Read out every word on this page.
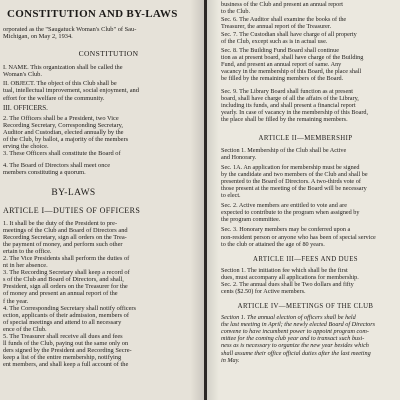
CONSTITUTION AND BY-LAWS

orporated as the "Saugatuck Woman's Club" of Sau-

Michigan, on May 2, 1934.

CONSTITUTION

I. NAME. This organization shall be called the

Woman's Club.

II. OBJECT. The object of this Club shall be

tual, intellectual improvement, social enjoyment, and

effort for the welfare of the community.

III. OFFICERS.

2. The Officers shall be a President, two Vice

Recording Secretary, Corresponding Secretary,

Auditor and Custodian, elected annually by the

of the Club, by ballot, a majority of the members

erving the choice.

3. These Officers shall constitute the Board of

4. The Board of Directors shall meet once

members constituting a quorum.

BY-LAWS
ARTICLE I—DUTIES OF OFFICERS

1. It shall be the duty of the President to pre-

meetings of the Club and Board of Directors and

Recording Secretary, sign all orders on the Trea-

the payment of money, and perform such other

ertain to the office.

2. The Vice Presidents shall perform the duties of

nt in her absence.

3. The Recording Secretary shall keep a record of

s of the Club and Board of Directors, and shall,

President, sign all orders on the Treasurer for the

of money and present an annual report of the

f the year.

4. The Corresponding Secretary shall notify officers

ection, applicants of their admission, members of

of special meetings and attend to all necessary

ence of the Club.

5. The Treasurer shall receive all dues and fees

ll funds of the Club, paying out the same only on

ders signed by the President and Recording Secre-

keep a list of the entire membership, notifying

ent members, and shall keep a full account of the

business of the Club and present an annual report

to the Club.

Sec. 6. The Auditor shall examine the books of the

Treasurer, the annual report of the Treasurer.

Sec. 7. The Custodian shall have charge of all property

of the Club, except such as is in actual use.

Sec. 8. The Building Fund Board shall continue

tion as at present board, shall have charge of the Building

Fund, and present an annual report of same. Any

vacancy in the membership of this Board, the place shall

be filled by the remaining members of the Board.

Sec. 9. The Library Board shall function as at present

board, shall have charge of all the affairs of the Library,

including its funds, and shall present a financial report

yearly. In case of vacancy in the membership of this Board,

the place shall be filled by the remaining members.

ARTICLE II—MEMBERSHIP

Section 1. Membership of the Club shall be Active

and Honorary.

Sec. 1A. An application for membership must be signed

by the candidate and two members of the Club and shall be

presented to the Board of Directors. A two-thirds vote of

those present at the meeting of the Board will be necessary

to elect.

Sec. 2. Active members are entitled to vote and are

expected to contribute to the program when assigned by

the program committee.

Sec. 3. Honorary members may be conferred upon a

non-resident person or anyone who has been of special service

to the club or attained the age of 80 years.

ARTICLE III—FEES AND DUES

Section 1. The initiation fee which shall be the first

dues, must accompany all applications for membership.

Sec. 2. The annual dues shall be Two dollars and fifty

cents ($2.50) for Active members.

ARTICLE IV—MEETINGS OF THE CLUB

Section 1. The annual election of officers shall be held

the last meeting in April; the newly elected Board of Directors

convene to have incumbent power to appoint program com-

mittee for the coming club year and to transact such busi-

ness as is necessary to organize the new year besides which

shall assume their office official duties after the last meeting

in May.
